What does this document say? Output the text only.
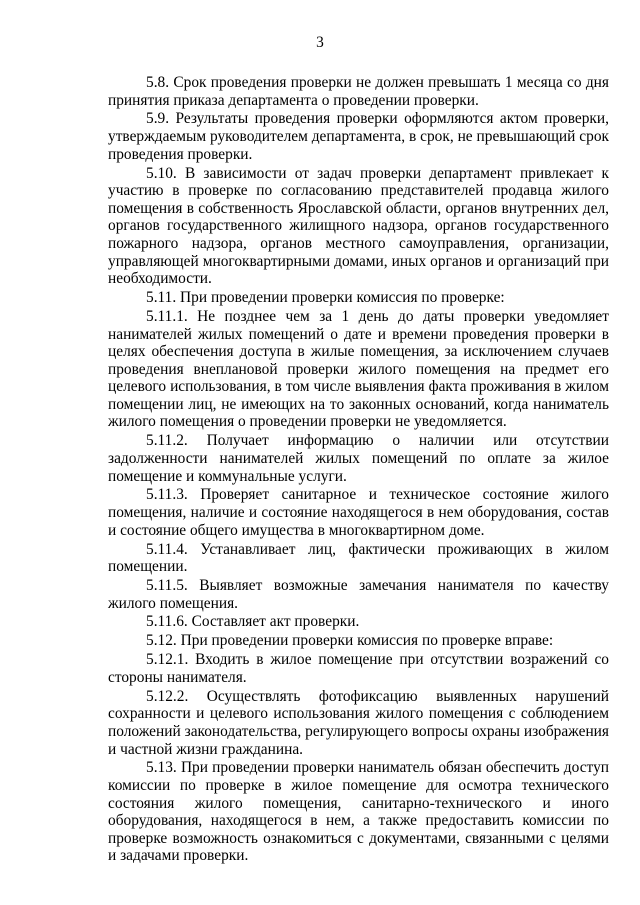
3

5.8. Срок проведения проверки не должен превышать 1 месяца со дня принятия приказа департамента о проведении проверки.

5.9. Результаты проведения проверки оформляются актом проверки, утверждаемым руководителем департамента, в срок, не превышающий срок проведения проверки.

5.10. В зависимости от задач проверки департамент привлекает к участию в проверке по согласованию представителей продавца жилого помещения в собственность Ярославской области, органов внутренних дел, органов государственного жилищного надзора, органов государственного пожарного надзора, органов местного самоуправления, организации, управляющей многоквартирными домами, иных органов и организаций при необходимости.

5.11. При проведении проверки комиссия по проверке:

5.11.1. Не позднее чем за 1 день до даты проверки уведомляет нанимателей жилых помещений о дате и времени проведения проверки в целях обеспечения доступа в жилые помещения, за исключением случаев проведения внеплановой проверки жилого помещения на предмет его целевого использования, в том числе выявления факта проживания в жилом помещении лиц, не имеющих на то законных оснований, когда наниматель жилого помещения о проведении проверки не уведомляется.

5.11.2. Получает информацию о наличии или отсутствии задолженности нанимателей жилых помещений по оплате за жилое помещение и коммунальные услуги.

5.11.3. Проверяет санитарное и техническое состояние жилого помещения, наличие и состояние находящегося в нем оборудования, состав и состояние общего имущества в многоквартирном доме.

5.11.4. Устанавливает лиц, фактически проживающих в жилом помещении.

5.11.5. Выявляет возможные замечания нанимателя по качеству жилого помещения.

5.11.6. Составляет акт проверки.

5.12. При проведении проверки комиссия по проверке вправе:

5.12.1. Входить в жилое помещение при отсутствии возражений со стороны нанимателя.

5.12.2. Осуществлять фотофиксацию выявленных нарушений сохранности и целевого использования жилого помещения с соблюдением положений законодательства, регулирующего вопросы охраны изображения и частной жизни гражданина.

5.13. При проведении проверки наниматель обязан обеспечить доступ комиссии по проверке в жилое помещение для осмотра технического состояния жилого помещения, санитарно-технического и иного оборудования, находящегося в нем, а также предоставить комиссии по проверке возможность ознакомиться с документами, связанными с целями и задачами проверки.
